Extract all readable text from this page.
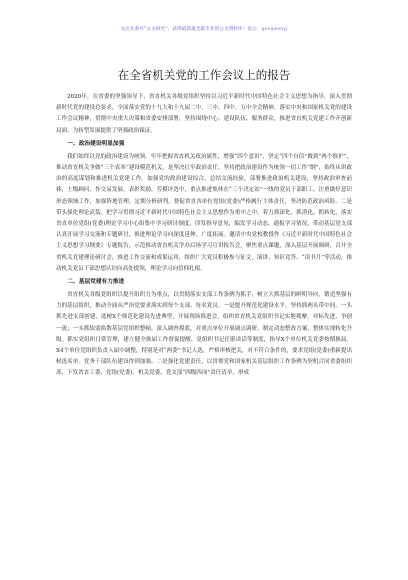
关注头条号“公文研究”，获得最新最全最专业的公文资料库！微信：gongwenyj
在全省机关党的工作会议上的报告

2020年，在省委的坚强领导下，省直机关各级党组织坚持以习近平新时代中国特色社会主义思想为指导，深入贯彻新时代党的建设总要求，全面落实党的十九大和十九届二中、三中、四中、五中全会精神，落实中央和国家机关党的建设工作会议精神，贯彻中央重大决策和省委安排部署，坚持围绕中心、建设队伍、服务群众，推进省直机关党建工作开创新局面，为转型发展提供了坚强政治保证。

一、政治建设明显加强

我们始终以党的政治建设为统领，牢牢把握省直机关政治属性，增强“四个意识”、坚定“四个自信”做到“两个维护”，推动省直机关争做“三个表率”建设模范机关，是坚决扛牢政治责任。坚持把政治建设作为统领一切工作“纲”，始终从讲政治的高度谋划和推进机关党建工作。加强党的政治建设综合，总结交流经验，部署推进政治机关建设，坚持政治审查前移，上级顾问、作交易发展、表彰奖励、劳模评选中，重点推进集体在“三个决定站”一线的党员干部职工，注重做好意识形态领域工作，加强阵地管理，定期分析研判，督促省直各单位党组(党委)严格履行主体责任，坚决防范政治风险。二是带头强化理论武装。把学习贯彻习近平新时代中国特色社会主义思想作为重中之中，着力抓深化、抓消化、抓转化，落实省直单位党组(党委)理论学习中心组集中学习研讨制度，印发指导意见，编发学习动态，通报学习情况，带动基层党支部认真开展学习交流和专题研讨，推进理论学习向深度延伸，广度拓展。邀请中央党校教授作《习近平新时代中国特色社会主义思想学习纲要》专题报告，示范推动省直机关学办后场学习宣讲报告会，聚焦重点课题，深入基层开展调研，召开全省机关党建理论研讨会，推进工作交流和成果运用，组织广大党员积极参与征文、演讲、知识竞答、“读书月”等活动，推动机关党员干部思想认识向高处提领，理论学习向信仰扎根。

二、基层党建有力推进

省直机关各级党组织以提升组织力为重点，以贯彻落实支部工作条例为抓手，树立大抓基层的鲜明导向，锻造坚强有力的基层组织，推动全面从严治党要求落实到每个支部、每名党员。一是提升规范化建设水平，坚持抓两头带中间，一头抓先进支部创建，选树Ⅹ个规范化建设先进典型，开展现场推进会，组织省直机关党组织书记实地观摩，对标先进，争创一流；一头抓软弱涣散基层党组织整顿，深入调查摸底，对重点单位开展调点调研，制定动态整改方案，整体实现转化升级。抓实党组织日常管理，建立健全换届工作督促提醒、党组织书记任职谈话等制度，指导Ⅹ个单位机关党委按期换届、Ⅹ4个单位党组织负责人届中调整，特别是对“两委”书记人选，严格审核把关，对不符合条件的，要求党组(党委)重新提出候选名单。党务干部队伍建设得到加强。二是强化党建责任，以贯彻党和国家机关基层组织工作条例为契机合同省委组织部，下发省直工委、党组(党委)、机关党委、党支部“四级四岗”责任清单，形成
